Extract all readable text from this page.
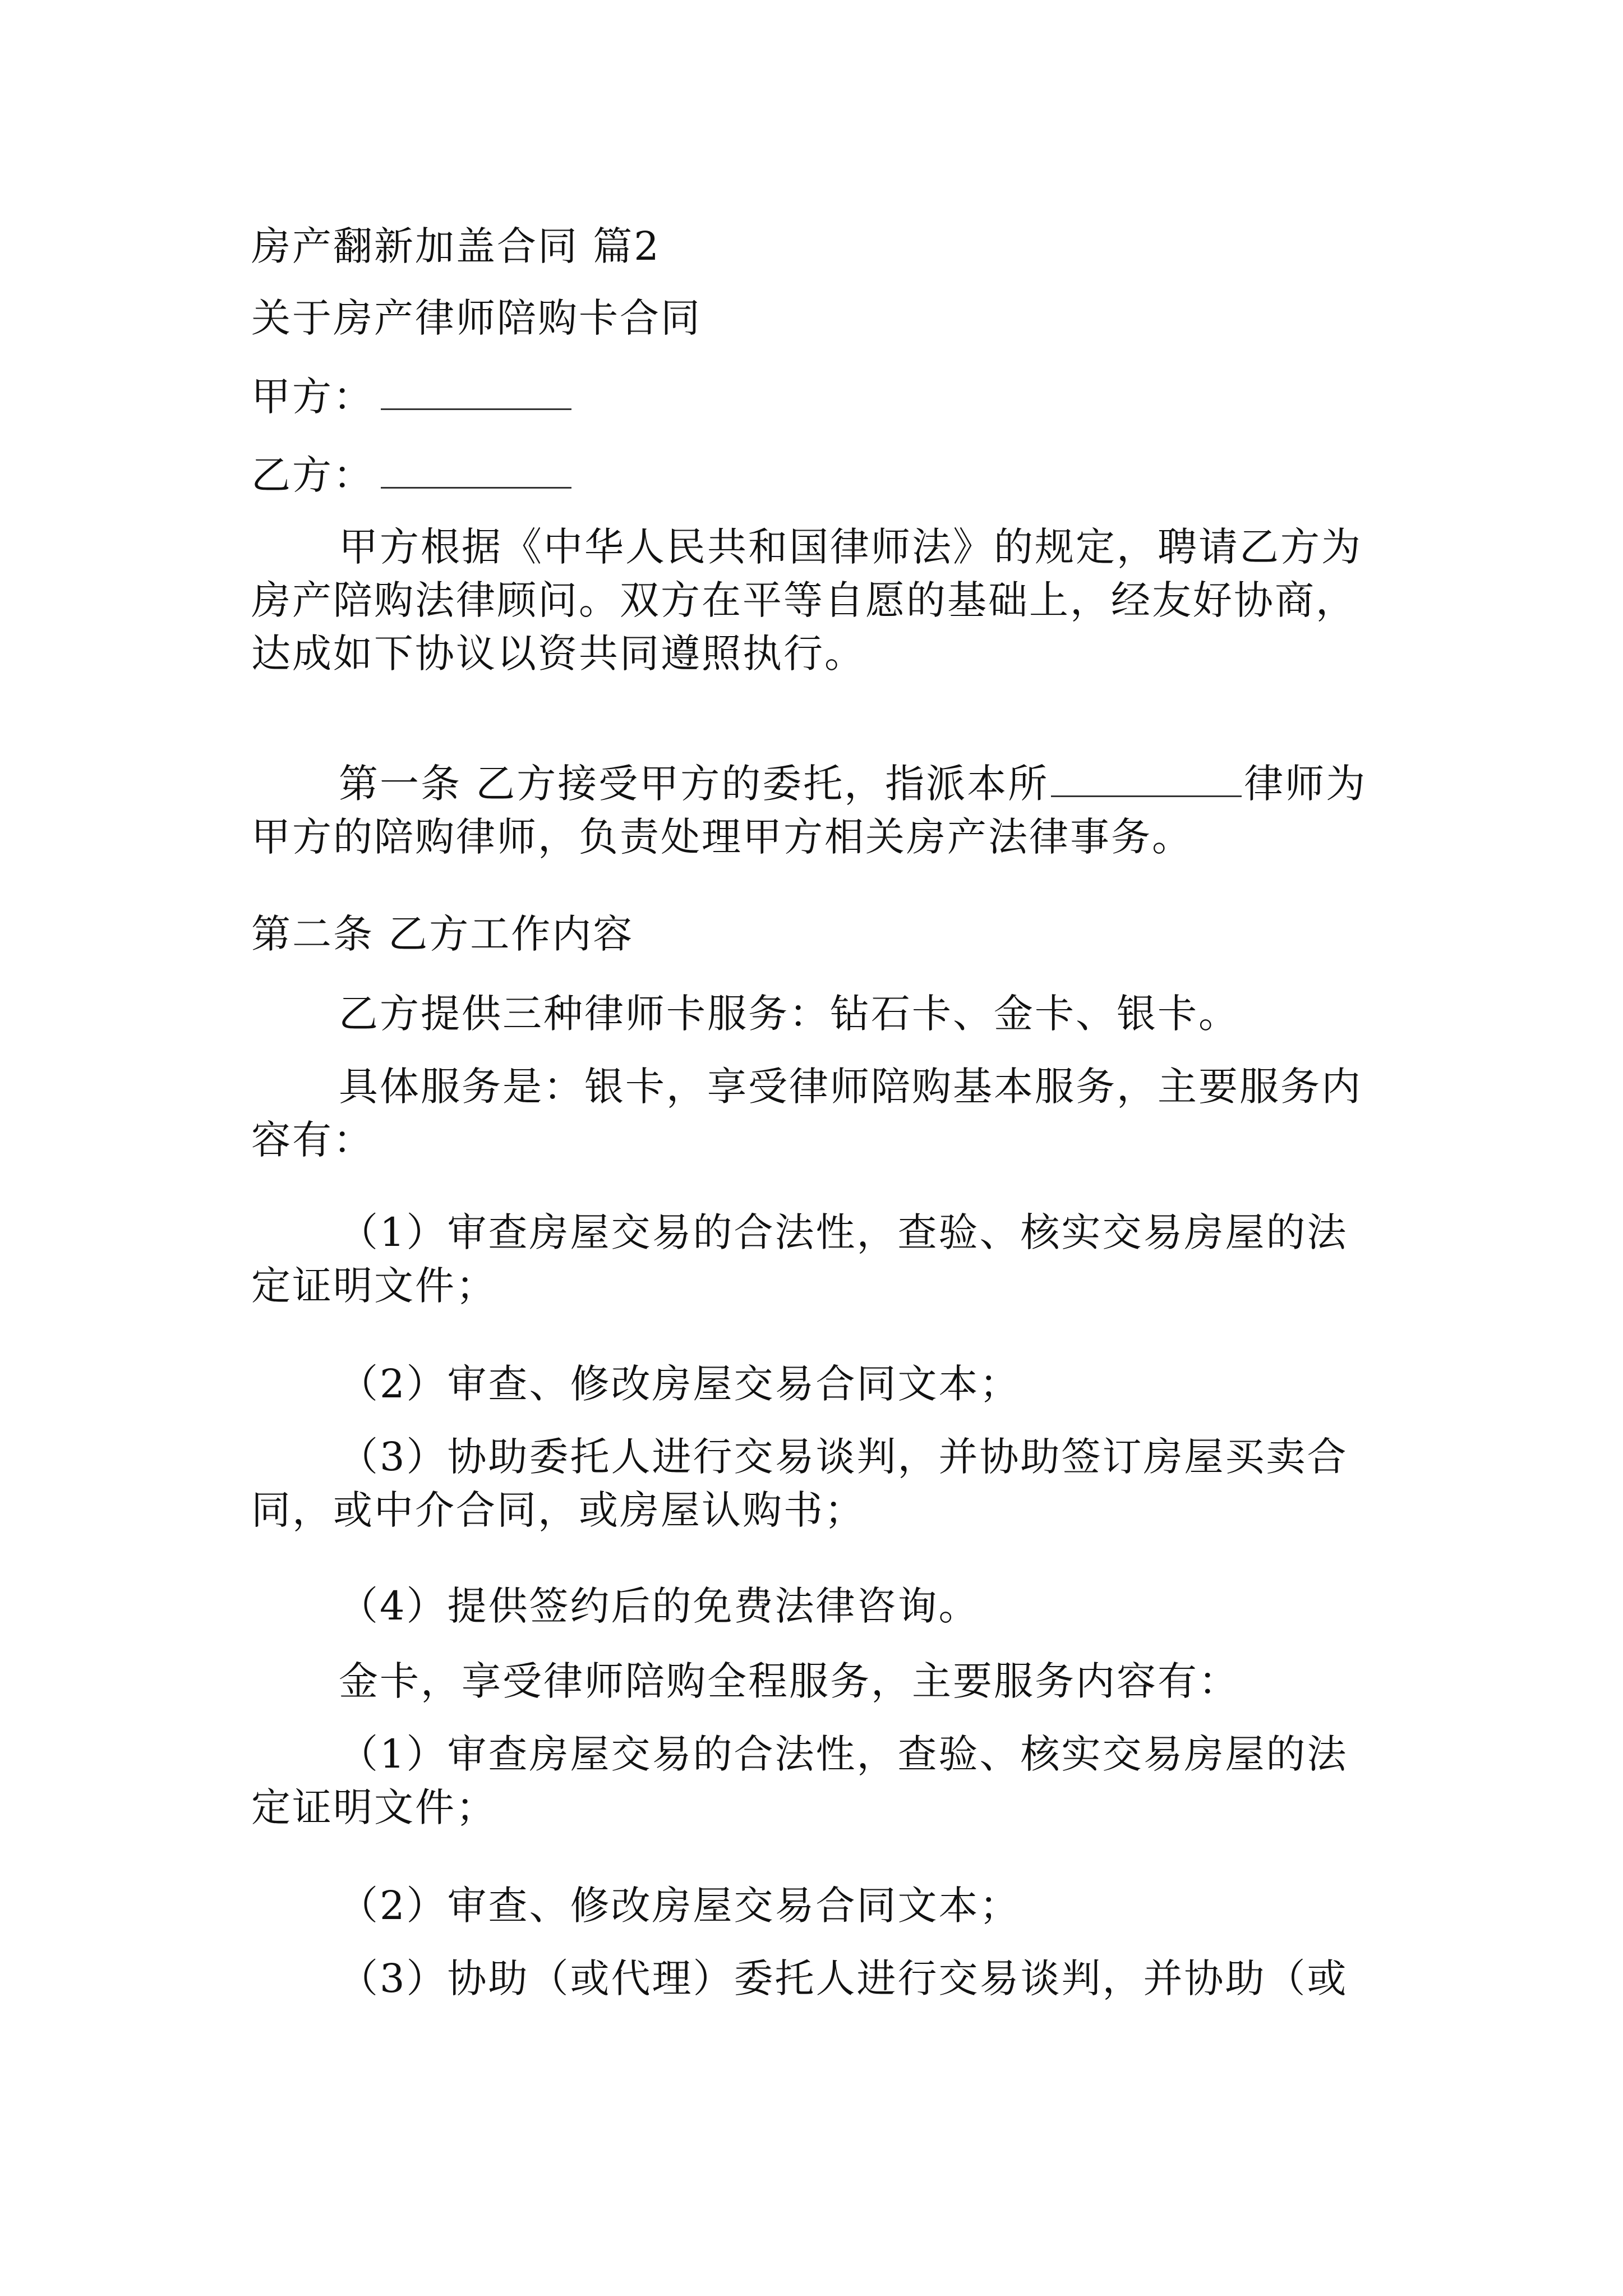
房产翻新加盖合同 篇2
关于房产律师陪购卡合同
甲方：
乙方：
甲方根据《中华人民共和国律师法》的规定，聘请乙方为房产陪购法律顾问。双方在平等自愿的基础上，经友好协商，达成如下协议以资共同遵照执行。
第一条 乙方接受甲方的委托，指派本所	律师为甲方的陪购律师，负责处理甲方相关房产法律事务。
第二条 乙方工作内容
乙方提供三种律师卡服务：钻石卡、金卡、银卡。
具体服务是：银卡，享受律师陪购基本服务，主要服务内容有：
（1）审查房屋交易的合法性，查验、核实交易房屋的法定证明文件；
（2）审查、修改房屋交易合同文本；
（3）协助委托人进行交易谈判，并协助签订房屋买卖合同，或中介合同，或房屋认购书；
（4）提供签约后的免费法律咨询。
金卡，享受律师陪购全程服务，主要服务内容有：
（1）审查房屋交易的合法性，查验、核实交易房屋的法定证明文件；
（2）审查、修改房屋交易合同文本；
（3）协助（或代理）委托人进行交易谈判，并协助（或
